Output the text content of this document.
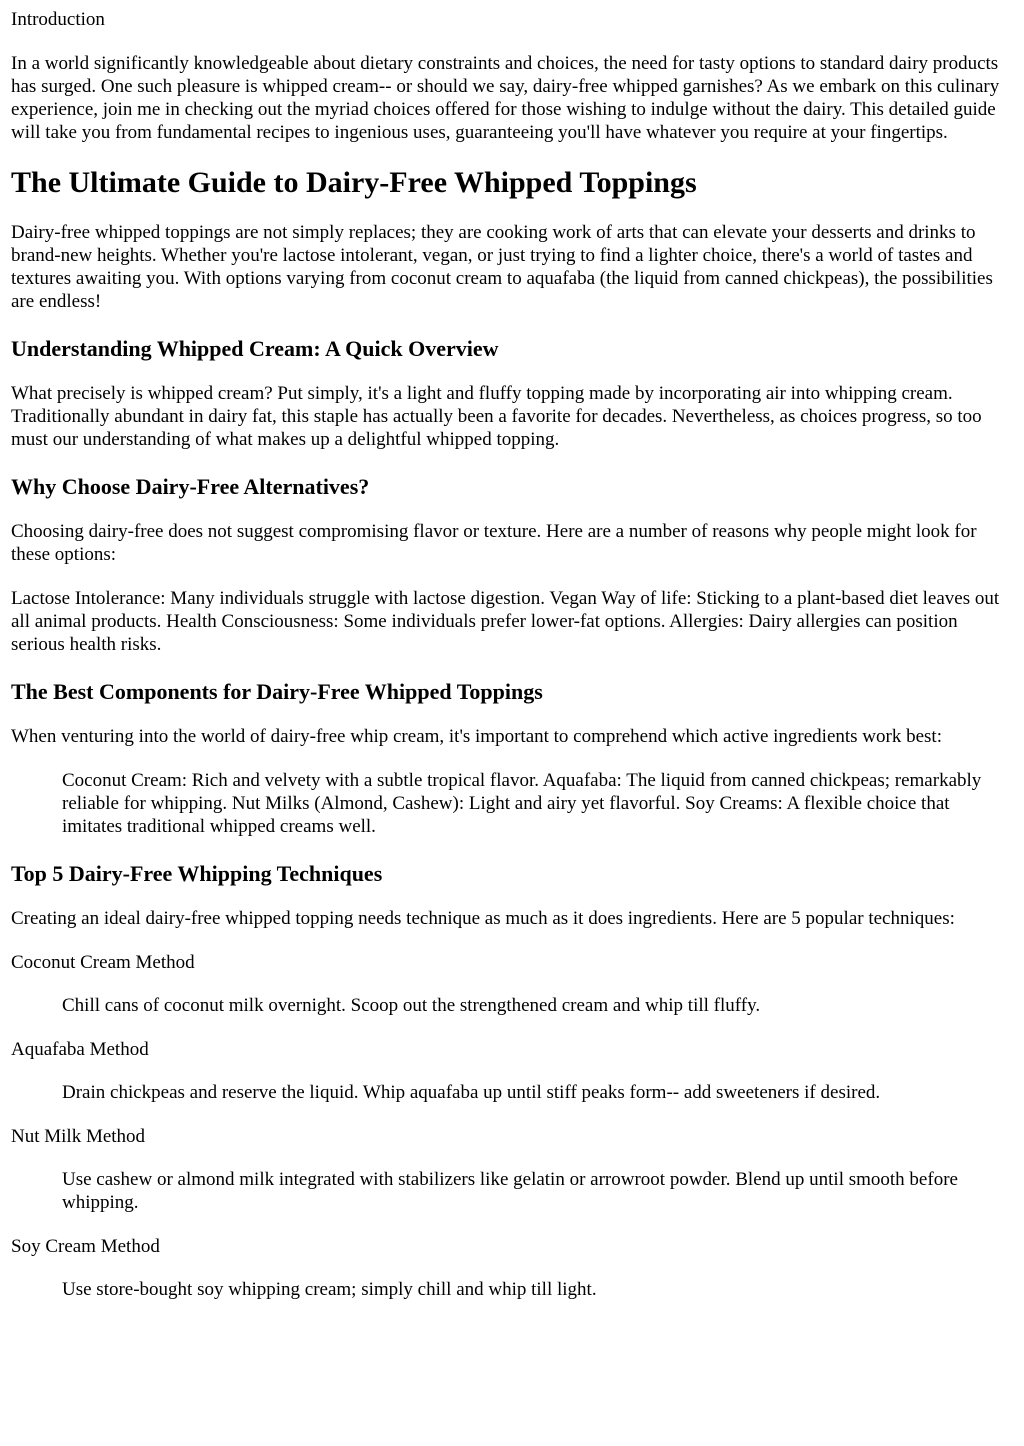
Introduction

In a world significantly knowledgeable about dietary constraints and choices, the need for tasty options to standard dairy products has surged. One such pleasure is whipped cream-- or should we say, dairy-free whipped garnishes? As we embark on this culinary experience, join me in checking out the myriad choices offered for those wishing to indulge without the dairy. This detailed guide will take you from fundamental recipes to ingenious uses, guaranteeing you'll have whatever you require at your fingertips.

The Ultimate Guide to Dairy-Free Whipped Toppings

Dairy-free whipped toppings are not simply replaces; they are cooking work of arts that can elevate your desserts and drinks to brand-new heights. Whether you're lactose intolerant, vegan, or just trying to find a lighter choice, there's a world of tastes and textures awaiting you. With options varying from coconut cream to aquafaba (the liquid from canned chickpeas), the possibilities are endless!

Understanding Whipped Cream: A Quick Overview

What precisely is whipped cream? Put simply, it's a light and fluffy topping made by incorporating air into whipping cream. Traditionally abundant in dairy fat, this staple has actually been a favorite for decades. Nevertheless, as choices progress, so too must our understanding of what makes up a delightful whipped topping.

Why Choose Dairy-Free Alternatives?

Choosing dairy-free does not suggest compromising flavor or texture. Here are a number of reasons why people might look for these options:

Lactose Intolerance: Many individuals struggle with lactose digestion. Vegan Way of life: Sticking to a plant-based diet leaves out all animal products. Health Consciousness: Some individuals prefer lower-fat options. Allergies: Dairy allergies can position serious health risks.

The Best Components for Dairy-Free Whipped Toppings

When venturing into the world of dairy-free whip cream, it's important to comprehend which active ingredients work best:

Coconut Cream: Rich and velvety with a subtle tropical flavor. Aquafaba: The liquid from canned chickpeas; remarkably reliable for whipping. Nut Milks (Almond, Cashew): Light and airy yet flavorful. Soy Creams: A flexible choice that imitates traditional whipped creams well.
Top 5 Dairy-Free Whipping Techniques

Creating an ideal dairy-free whipped topping needs technique as much as it does ingredients. Here are 5 popular techniques:

Coconut Cream Method

Chill cans of coconut milk overnight. Scoop out the strengthened cream and whip till fluffy.

Aquafaba Method

Drain chickpeas and reserve the liquid. Whip aquafaba up until stiff peaks form-- add sweeteners if desired.

Nut Milk Method

Use cashew or almond milk integrated with stabilizers like gelatin or arrowroot powder. Blend up until smooth before whipping.

Soy Cream Method

Use store-bought soy whipping cream; simply chill and whip till light.
